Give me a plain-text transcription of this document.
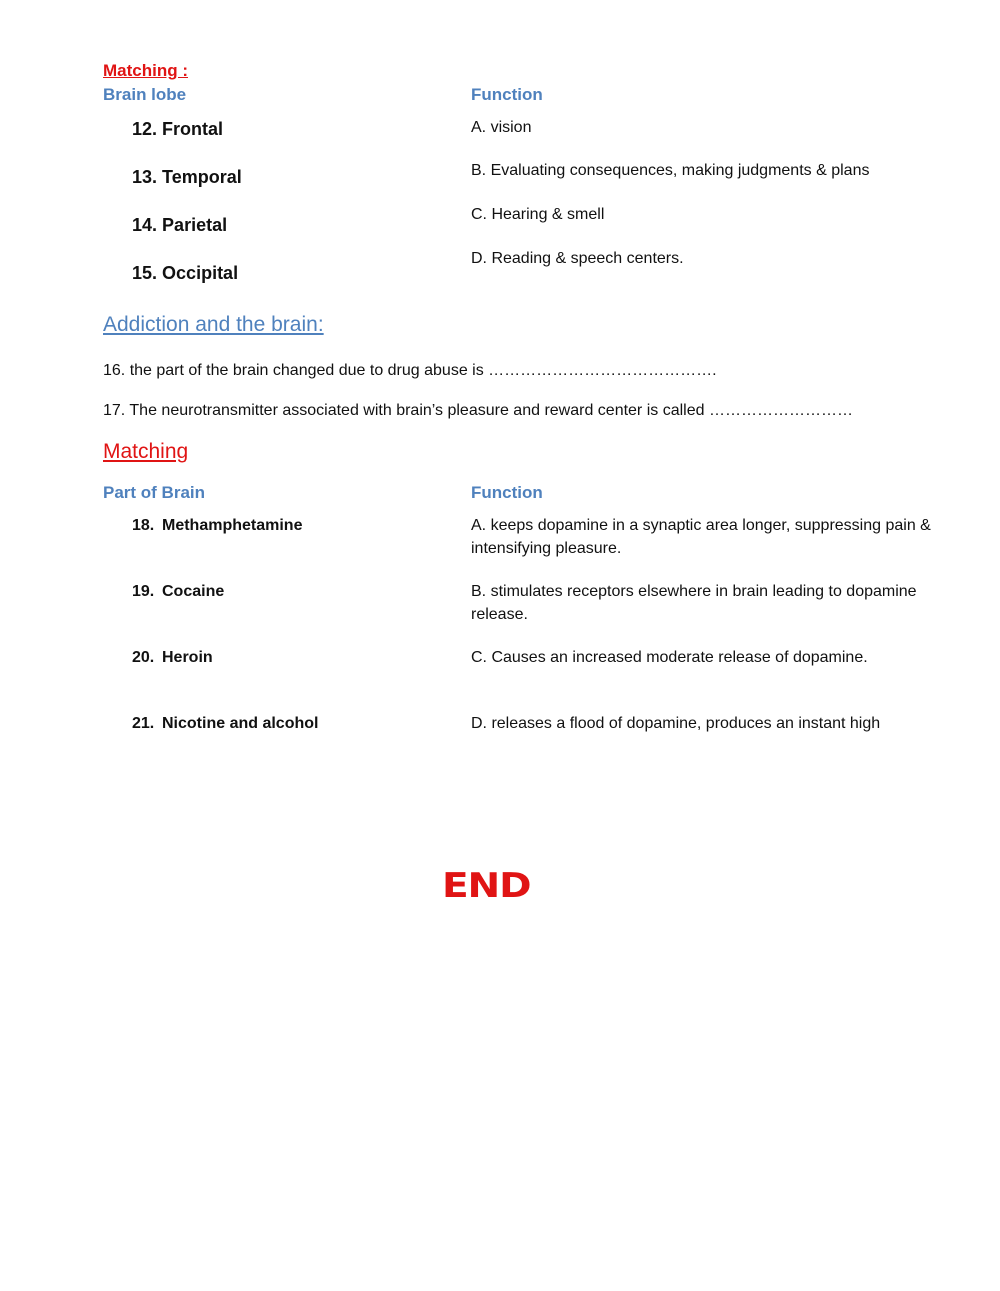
Matching :
Brain lobe	Function
12. Frontal
13. Temporal
14. Parietal
15. Occipital
A. vision
B. Evaluating consequences, making judgments & plans
C. Hearing & smell
D. Reading & speech centers.
Addiction and the brain:
16. the part of the brain changed due to drug abuse is …………………………………….
17. The neurotransmitter associated with brain’s pleasure and reward center is called ………………………
Matching
Part of Brain	Function
18. Methamphetamine
19. Cocaine
20. Heroin
21. Nicotine and alcohol
A. keeps dopamine in a synaptic area longer, suppressing pain & intensifying pleasure.
B. stimulates receptors elsewhere in brain leading to dopamine release.
C. Causes an increased moderate release of dopamine.
D. releases a flood of dopamine, produces an instant high
END
